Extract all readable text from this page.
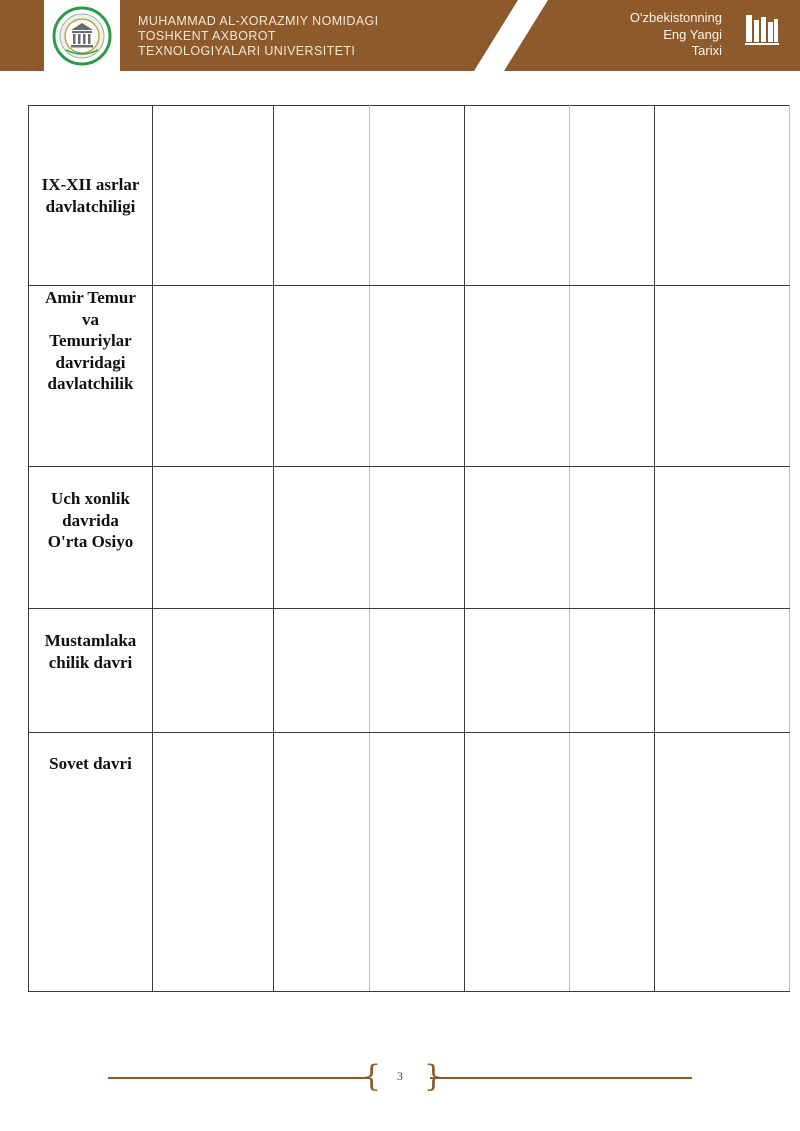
MUHAMMAD AL-XORAZMIY NOMIDAGI
TOSHKENT AXBOROT
TEXNOLOGIYALARI UNIVERSITETI
O'zbekistonning
Eng Yangi
Tarixi
IX-XII asrlar
davlatchiligi						

Amir Temur
va
Temuriylar
davridagi
davlatchilik						

Uch xonlik
davrida
O'rta Osiyo						

Mustamlaka
chilik davri						

Sovet davri						

{ }
3
